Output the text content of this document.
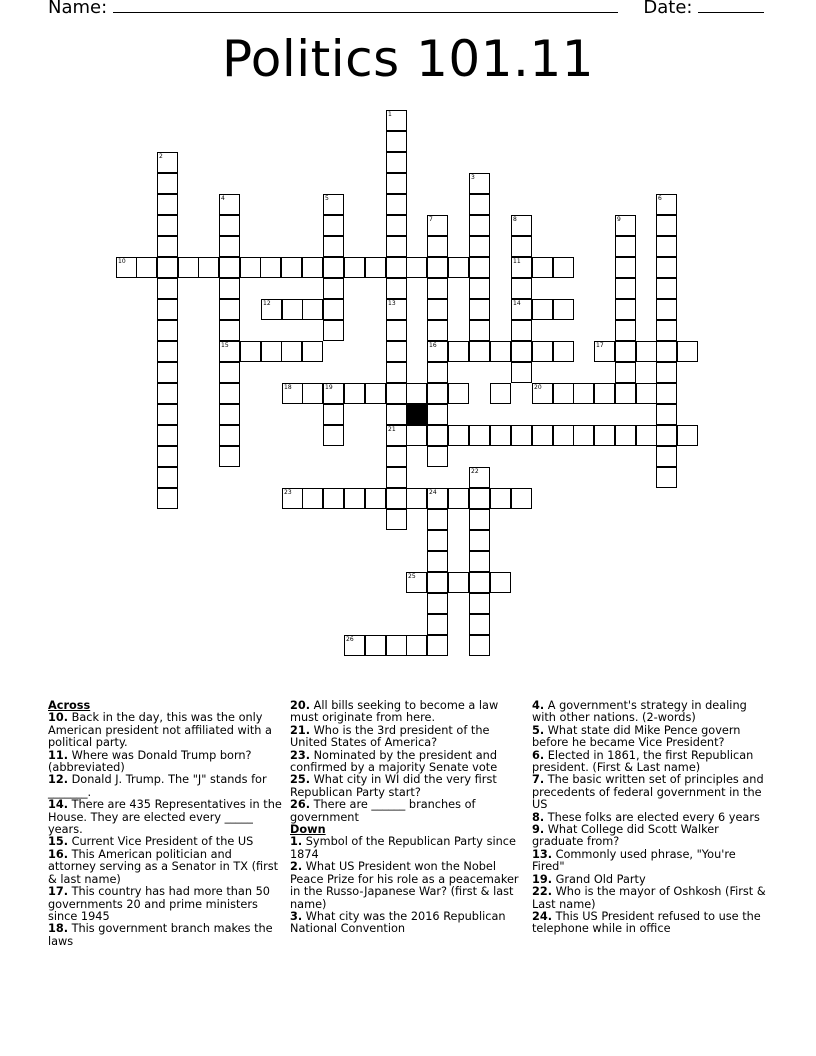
Name:	Date:
Politics 101.11
1
13
21
2
3
4
15
5	6
7
16
8
11
14
9
10
12
17
18	20
19
22
23	24
25
26

Across

10. Back in the day, this was the only American president not affiliated with a political party.

11. Where was Donald Trump born? (abbreviated)

12. Donald J. Trump. The "J" stands for _______.

14. There are 435 Representatives in the House. They are elected every _____ years.

15. Current Vice President of the US

16. This American politician and attorney serving as a Senator in TX (first & last name)

17. This country has had more than 50 governments 20 and prime ministers since 1945

18. This government branch makes the laws

20. All bills seeking to become a law must originate from here.

21. Who is the 3rd president of the United States of America?

23. Nominated by the president and confirmed by a majority Senate vote

25. What city in WI did the very first Republican Party start?

26. There are ______ branches of government

Down

1. Symbol of the Republican Party since 1874

2. What US President won the Nobel Peace Prize for his role as a peacemaker in the Russo-Japanese War? (first & last name)

3. What city was the 2016 Republican National Convention

4. A government's strategy in dealing with other nations. (2-words)

5. What state did Mike Pence govern before he became Vice President?

6. Elected in 1861, the first Republican president. (First & Last name)

7. The basic written set of principles and precedents of federal government in the US

8. These folks are elected every 6 years

9. What College did Scott Walker graduate from?

13. Commonly used phrase, "You're Fired"

19. Grand Old Party

22. Who is the mayor of Oshkosh (First & Last name)

24. This US President refused to use the telephone while in office
